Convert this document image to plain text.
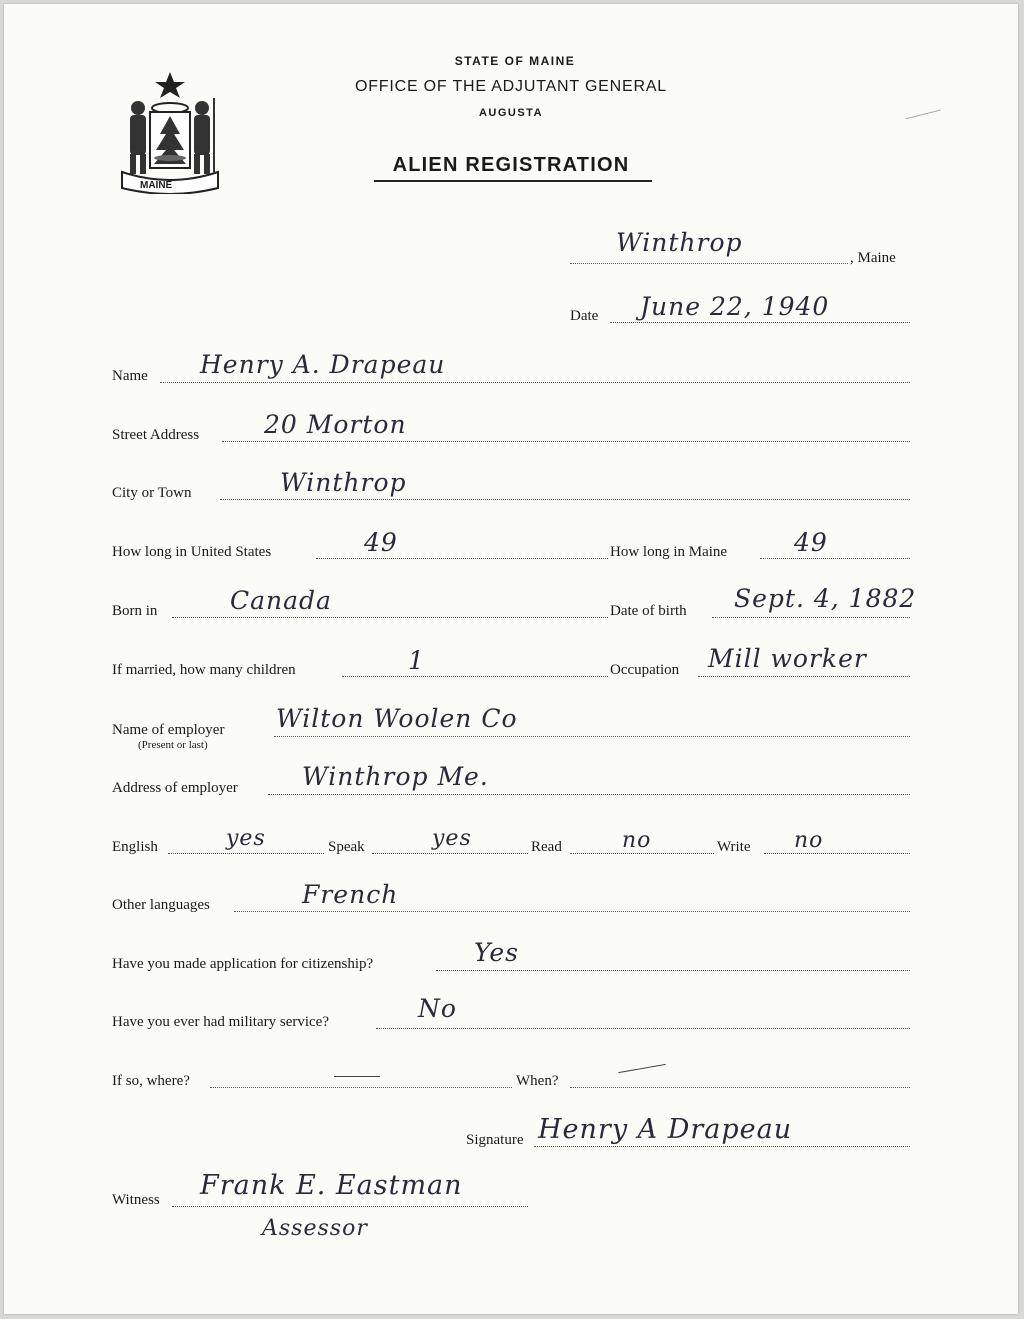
STATE OF MAINE
OFFICE OF THE ADJUTANT GENERAL
AUGUSTA
ALIEN REGISTRATION
MAINE
Winthrop
, Maine
Date June 22, 1940
Name Henry A. Drapeau
Street Address	20 Morton
City or Town	Winthrop
How long in United States	49	How long in Maine	49
Born in	Canada	Date of birth Sept. 4, 1882
If married, how many children	1	Occupation Mill worker
Name of employer
(Present or last)
Wilton Woolen Co
Address of employer	Winthrop Me.
English	yes	Speak	yes	Read	no	Write no
Other languages	French
Have you made application for citizenship?	Yes
Have you ever had military service?	No
If so, where?	When?
Signature Henry A Drapeau
Witness Frank E. Eastman
Assessor
